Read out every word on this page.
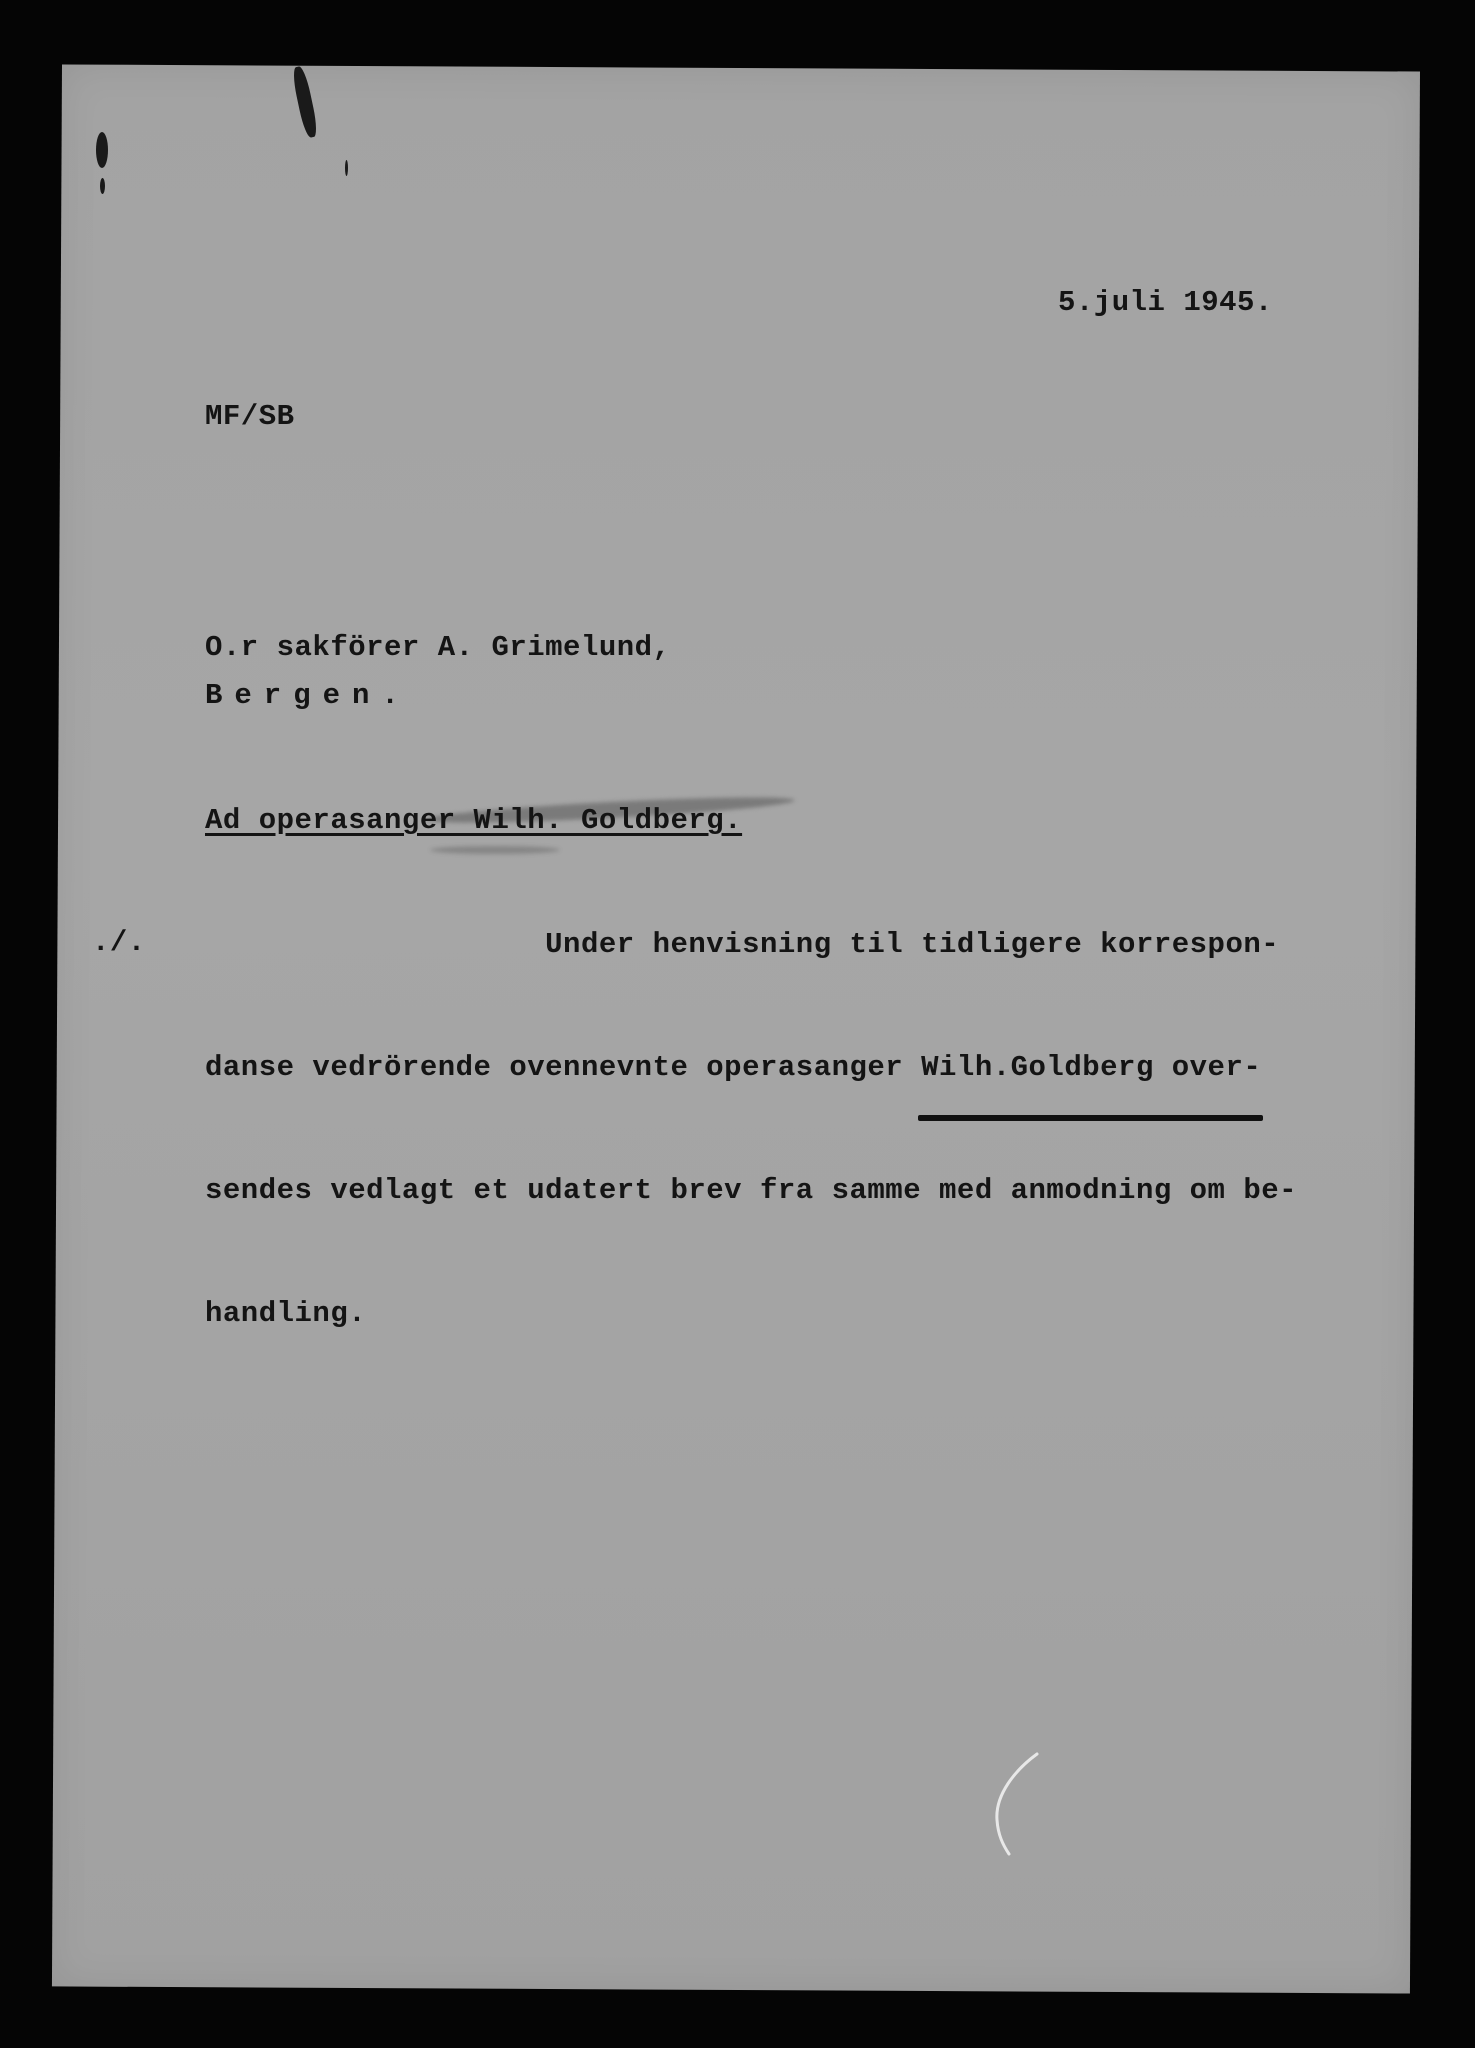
5.juli 1945.
MF/SB
O.r sakförer A. Grimelund,
Bergen.
Ad operasanger Wilh. Goldberg.

Under henvisning til tidligere korrespon-

danse vedrörende ovennevnte operasanger Wilh.Goldberg over-

sendes vedlagt et udatert brev fra samme med anmodning om be-

handling.

./.
